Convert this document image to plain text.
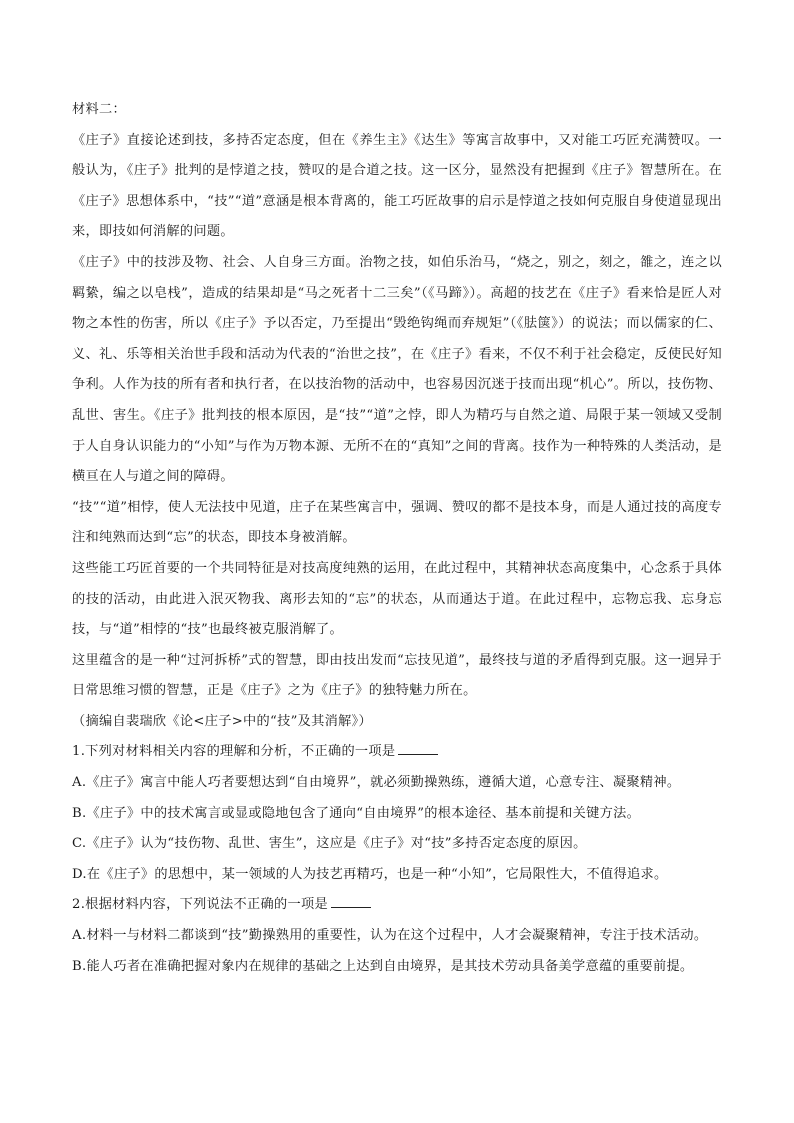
材料二：

《庄子》直接论述到技，多持否定态度，但在《养生主》《达生》等寓言故事中，又对能工巧匠充满赞叹。一般认为，《庄子》批判的是悖道之技，赞叹的是合道之技。这一区分，显然没有把握到《庄子》智慧所在。在《庄子》思想体系中，“技”“道”意涵是根本背离的，能工巧匠故事的启示是悖道之技如何克服自身使道显现出来，即技如何消解的问题。

《庄子》中的技涉及物、社会、人自身三方面。治物之技，如伯乐治马，“烧之，别之，刻之，雒之，连之以羁絷，编之以皂栈”，造成的结果却是“马之死者十二三矣”（《马蹄》）。高超的技艺在《庄子》看来恰是匠人对物之本性的伤害，所以《庄子》予以否定，乃至提出“毁绝钩绳而弃规矩”（《胠箧》）的说法；而以儒家的仁、义、礼、乐等相关治世手段和活动为代表的“治世之技”，在《庄子》看来，不仅不利于社会稳定，反使民好知争利。人作为技的所有者和执行者，在以技治物的活动中，也容易因沉迷于技而出现“机心”。所以，技伤物、乱世、害生。《庄子》批判技的根本原因，是“技”“道”之悖，即人为精巧与自然之道、局限于某一领域又受制于人自身认识能力的“小知”与作为万物本源、无所不在的“真知”之间的背离。技作为一种特殊的人类活动，是横亘在人与道之间的障碍。

“技”“道”相悖，使人无法技中见道，庄子在某些寓言中，强调、赞叹的都不是技本身，而是人通过技的高度专注和纯熟而达到“忘”的状态，即技本身被消解。

这些能工巧匠首要的一个共同特征是对技高度纯熟的运用，在此过程中，其精神状态高度集中，心念系于具体的技的活动，由此进入泯灭物我、离形去知的“忘”的状态，从而通达于道。在此过程中，忘物忘我、忘身忘技，与“道”相悖的“技”也最终被克服消解了。

这里蕴含的是一种“过河拆桥”式的智慧，即由技出发而“忘技见道”，最终技与道的矛盾得到克服。这一迥异于日常思维习惯的智慧，正是《庄子》之为《庄子》的独特魅力所在。

（摘编自裴瑞欣《论<庄子>中的“技”及其消解》）

1.下列对材料相关内容的理解和分析，不正确的一项是

A.《庄子》寓言中能人巧者要想达到“自由境界”，就必须勤操熟练，遵循大道，心意专注、凝聚精神。

B.《庄子》中的技术寓言或显或隐地包含了通向“自由境界”的根本途径、基本前提和关键方法。

C.《庄子》认为“技伤物、乱世、害生”，这应是《庄子》对“技”多持否定态度的原因。

D.在《庄子》的思想中，某一领域的人为技艺再精巧，也是一种“小知”，它局限性大，不值得追求。

2.根据材料内容，下列说法不正确的一项是

A.材料一与材料二都谈到“技”勤操熟用的重要性，认为在这个过程中，人才会凝聚精神，专注于技术活动。

B.能人巧者在准确把握对象内在规律的基础之上达到自由境界，是其技术劳动具备美学意蕴的重要前提。
